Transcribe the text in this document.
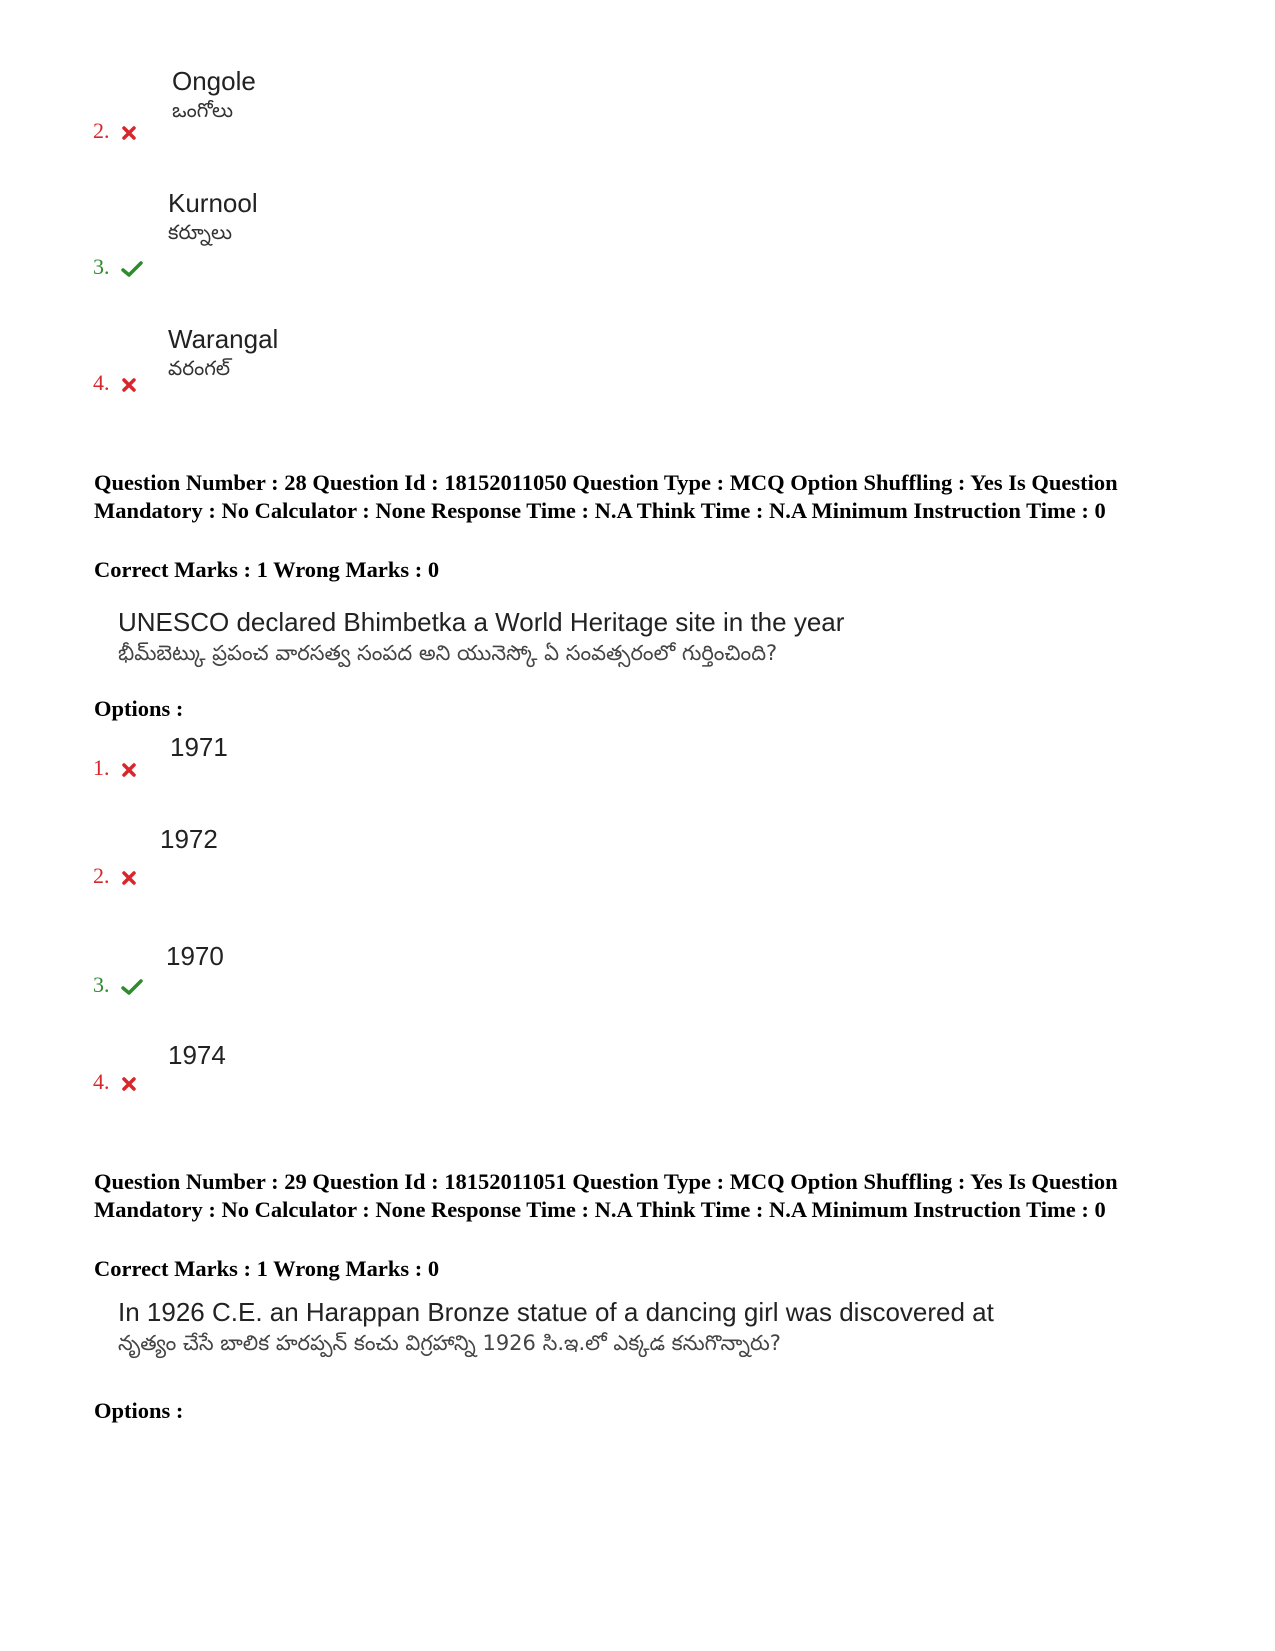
Ongole
ఒంగోలు
2.
Kurnool
కర్నూలు
3.
Warangal
వరంగల్
4.
Question Number : 28 Question Id : 18152011050 Question Type : MCQ Option Shuffling : Yes Is Question Mandatory : No Calculator : None Response Time : N.A Think Time : N.A Minimum Instruction Time : 0
Correct Marks : 1 Wrong Marks : 0
UNESCO declared Bhimbetka a World Heritage site in the year
భీమ్‌బెట్కు ప్రపంచ వారసత్వ సంపద అని యునెస్కో ఏ సంవత్సరంలో గుర్తించింది?
Options :
1971
1.
1972
2.
1970
3.
1974
4.
Question Number : 29 Question Id : 18152011051 Question Type : MCQ Option Shuffling : Yes Is Question Mandatory : No Calculator : None Response Time : N.A Think Time : N.A Minimum Instruction Time : 0
Correct Marks : 1 Wrong Marks : 0
In 1926 C.E. an Harappan Bronze statue of a dancing girl was discovered at
నృత్యం చేసే బాలిక హరప్పన్ కంచు విగ్రహాన్ని 1926 సి.ఇ.లో ఎక్కడ కనుగొన్నారు?
Options :
